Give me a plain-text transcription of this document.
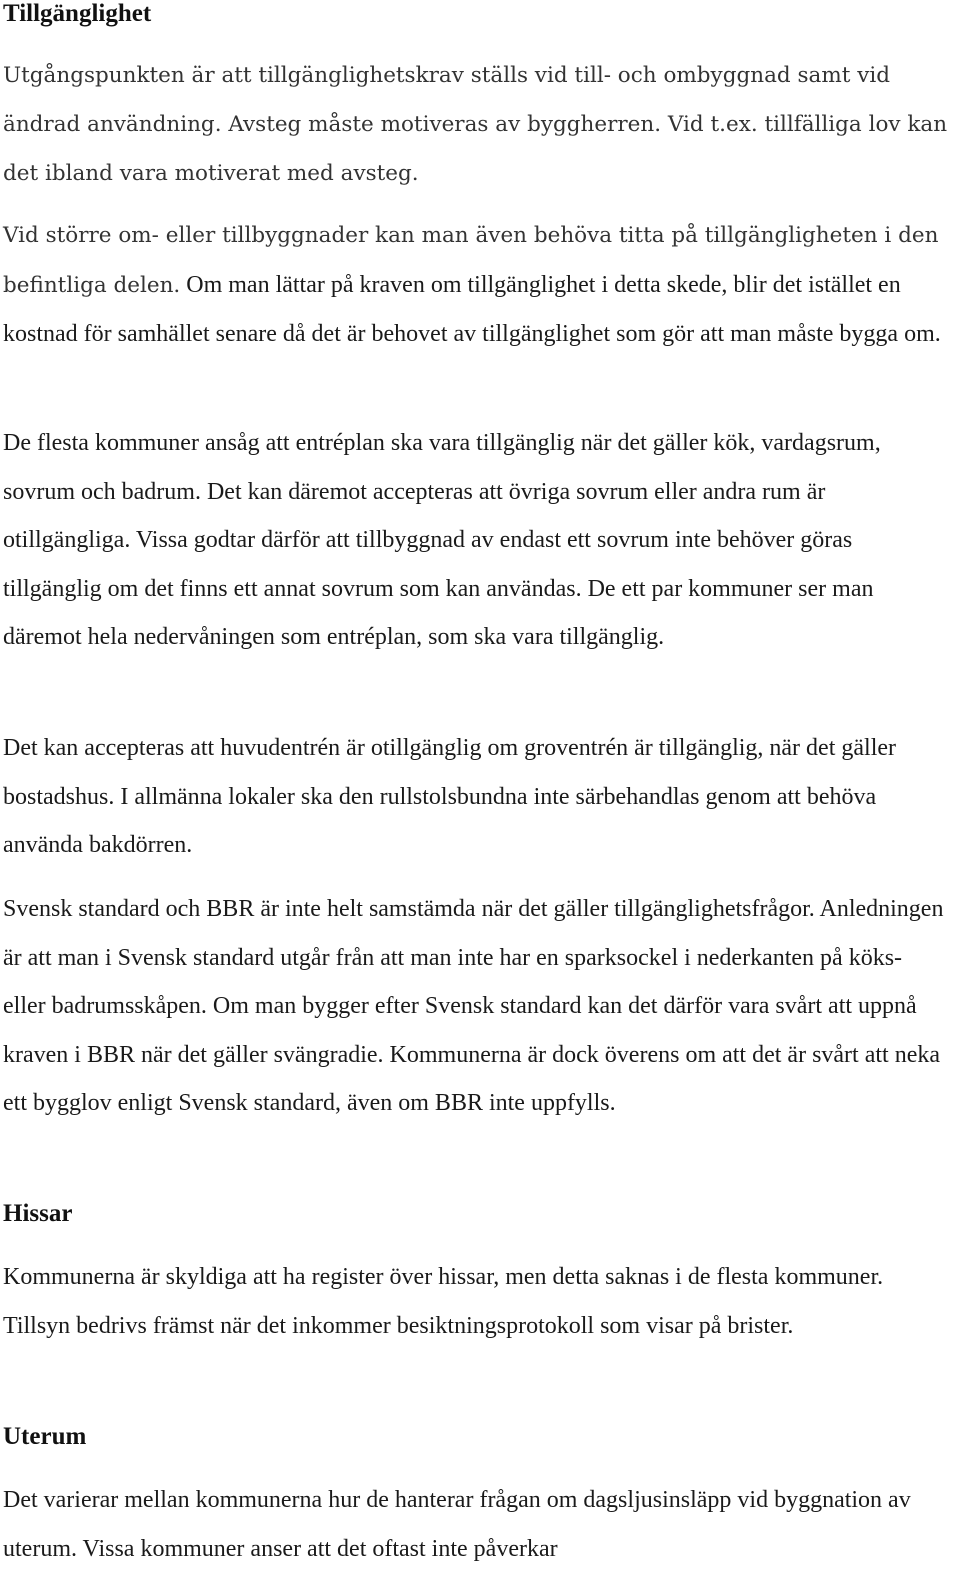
Tillgänglighet

Utgångspunkten är att tillgänglighetskrav ställs vid till- och ombyggnad samt vid ändrad användning. Avsteg måste motiveras av byggherren. Vid t.ex. tillfälliga lov kan det ibland vara motiverat med avsteg.

Vid större om- eller tillbyggnader kan man även behöva titta på tillgängligheten i den befintliga delen. Om man lättar på kraven om tillgänglighet i detta skede, blir det istället en kostnad för samhället senare då det är behovet av tillgänglighet som gör att man måste bygga om.

De flesta kommuner ansåg att entréplan ska vara tillgänglig när det gäller kök, vardagsrum, sovrum och badrum. Det kan däremot accepteras att övriga sovrum eller andra rum är otillgängliga. Vissa godtar därför att tillbyggnad av endast ett sovrum inte behöver göras tillgänglig om det finns ett annat sovrum som kan användas. De ett par kommuner ser man däremot hela nedervåningen som entréplan, som ska vara tillgänglig.

Det kan accepteras att huvudentrén är otillgänglig om groventrén är tillgänglig, när det gäller bostadshus. I allmänna lokaler ska den rullstolsbundna inte särbehandlas genom att behöva använda bakdörren.

Svensk standard och BBR är inte helt samstämda när det gäller tillgänglighetsfrågor. Anledningen är att man i Svensk standard utgår från att man inte har en sparksockel i nederkanten på köks- eller badrumsskåpen. Om man bygger efter Svensk standard kan det därför vara svårt att uppnå kraven i BBR när det gäller svängradie. Kommunerna är dock överens om att det är svårt att neka ett bygglov enligt Svensk standard, även om BBR inte uppfylls.

Hissar

Kommunerna är skyldiga att ha register över hissar, men detta saknas i de flesta kommuner. Tillsyn bedrivs främst när det inkommer besiktningsprotokoll som visar på brister.

Uterum

Det varierar mellan kommunerna hur de hanterar frågan om dagsljusinsläpp vid byggnation av uterum. Vissa kommuner anser att det oftast inte påverkar
